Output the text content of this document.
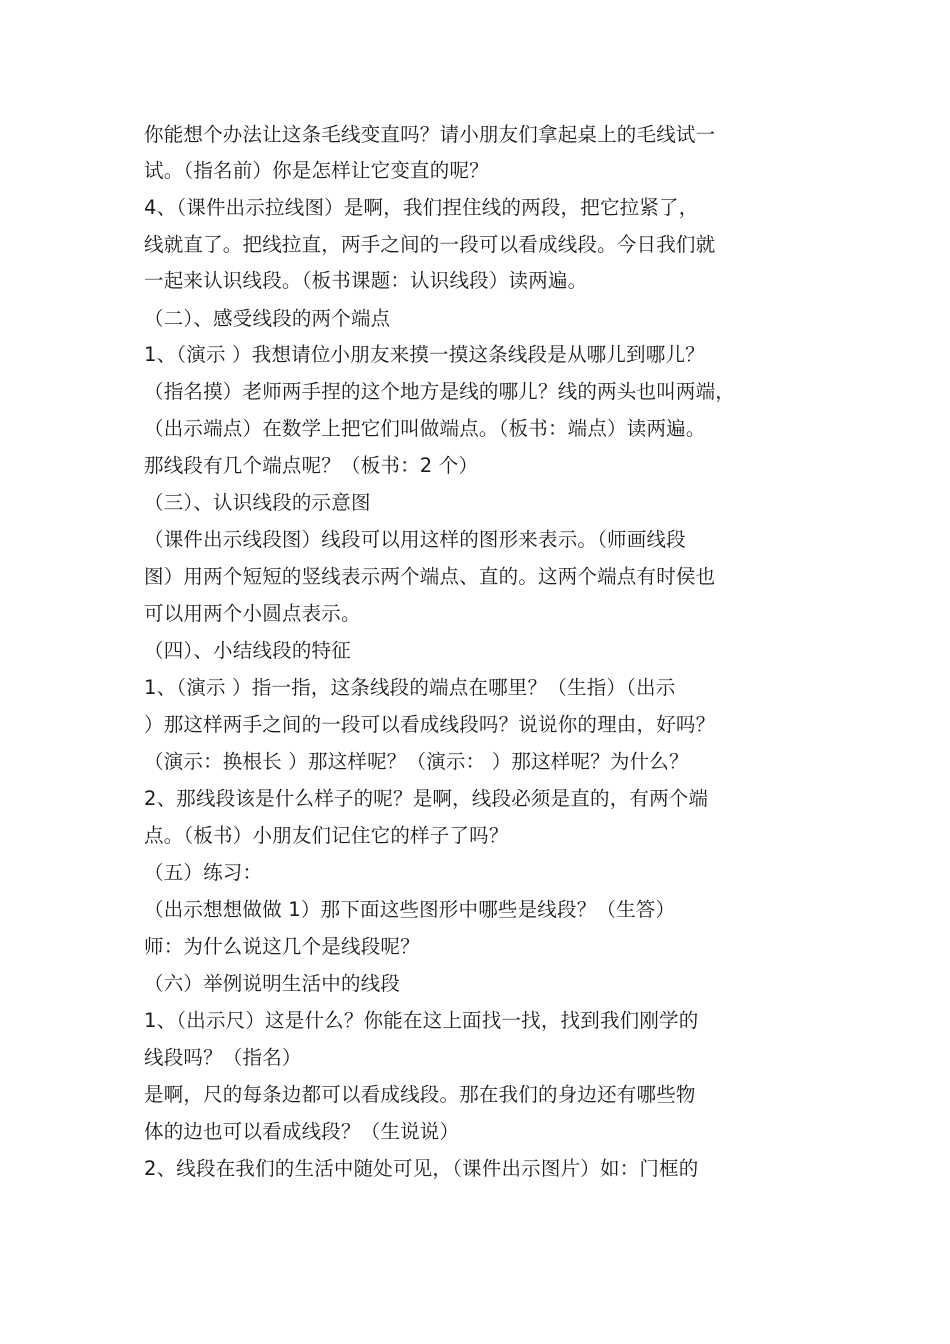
你能想个办法让这条毛线变直吗？请小朋友们拿起桌上的毛线试一
试。（指名前）你是怎样让它变直的呢？
4、（课件出示拉线图）是啊，我们捏住线的两段，把它拉紧了，
线就直了。把线拉直，两手之间的一段可以看成线段。今日我们就
一起来认识线段。（板书课题：认识线段）读两遍。
（二）、感受线段的两个端点
1、（演示 ）我想请位小朋友来摸一摸这条线段是从哪儿到哪儿？
（指名摸）老师两手捏的这个地方是线的哪儿？线的两头也叫两端，
（出示端点）在数学上把它们叫做端点。（板书：端点）读两遍。
那线段有几个端点呢？（板书：2 个）
（三）、认识线段的示意图
（课件出示线段图）线段可以用这样的图形来表示。（师画线段
图）用两个短短的竖线表示两个端点、直的。这两个端点有时侯也
可以用两个小圆点表示。
（四）、小结线段的特征
1、（演示 ）指一指，这条线段的端点在哪里？（生指）（出示
）那这样两手之间的一段可以看成线段吗？说说你的理由，好吗？
（演示：换根长 ）那这样呢？（演示： ）那这样呢？为什么？
2、那线段该是什么样子的呢？是啊，线段必须是直的，有两个端
点。（板书）小朋友们记住它的样子了吗？
（五）练习：
（出示想想做做 1）那下面这些图形中哪些是线段？（生答）
师：为什么说这几个是线段呢？
（六）举例说明生活中的线段
1、（出示尺）这是什么？你能在这上面找一找，找到我们刚学的
线段吗？（指名）
是啊，尺的每条边都可以看成线段。那在我们的身边还有哪些物
体的边也可以看成线段？（生说说）
2、线段在我们的生活中随处可见，（课件出示图片）如：门框的
